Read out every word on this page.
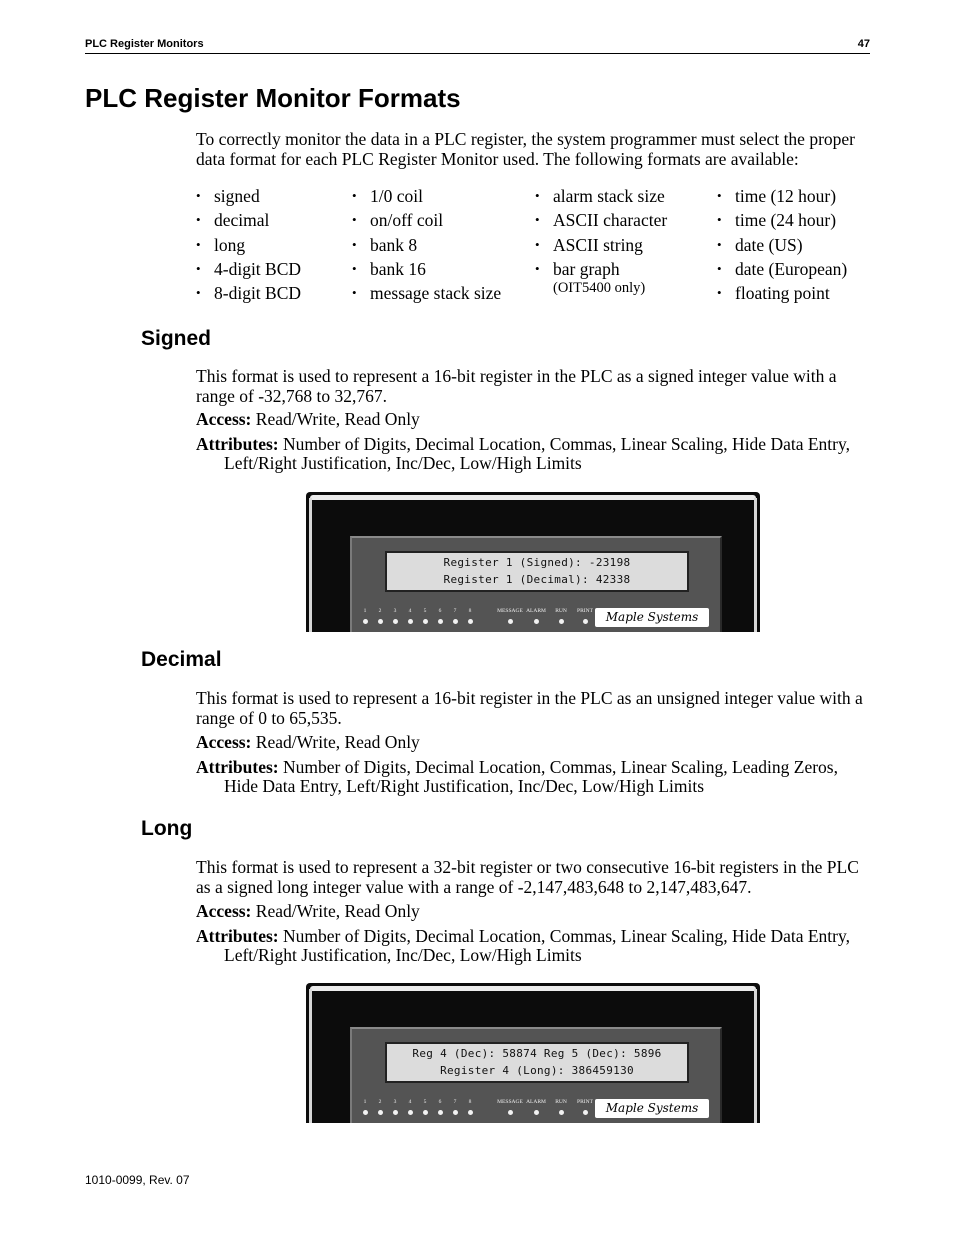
PLC Register Monitors	47
PLC Register Monitor Formats

To correctly monitor the data in a PLC register, the system programmer must select the proper data format for each PLC Register Monitor used. The following formats are available:

• signed
• decimal
• long
• 4-digit BCD
• 8-digit BCD
• 1/0 coil
• on/off coil
• bank 8
• bank 16
• message stack size
• alarm stack size
• ASCII character
• ASCII string
• bar graph
(OIT5400 only)
• time (12 hour)
• time (24 hour)
• date (US)
• date (European)
• floating point
Signed

This format is used to represent a 16-bit register in the PLC as a signed integer value with a range of -32,768 to 32,767.

Access: Read/Write, Read Only

Attributes: Number of Digits, Decimal Location, Commas, Linear Scaling, Hide Data Entry, Left/Right Justification, Inc/Dec, Low/High Limits

Register 1 (Signed): -23198
Register 1 (Decimal): 42338
1	2	3	4	5	6	7	8	MESSAGE ALARM	RUN	PRINT	Maple Systems
Decimal

This format is used to represent a 16-bit register in the PLC as an unsigned integer value with a range of 0 to 65,535.

Access: Read/Write, Read Only

Attributes: Number of Digits, Decimal Location, Commas, Linear Scaling, Leading Zeros, Hide Data Entry, Left/Right Justification, Inc/Dec, Low/High Limits

Long

This format is used to represent a 32-bit register or two consecutive 16-bit registers in the PLC as a signed long integer value with a range of -2,147,483,648 to 2,147,483,647.

Access: Read/Write, Read Only

Attributes: Number of Digits, Decimal Location, Commas, Linear Scaling, Hide Data Entry, Left/Right Justification, Inc/Dec, Low/High Limits

Reg 4 (Dec): 58874 Reg 5 (Dec): 5896
Register 4 (Long): 386459130
1	2	3	4	5	6	7	8	MESSAGE ALARM	RUN	PRINT	Maple Systems
1010-0099, Rev. 07
